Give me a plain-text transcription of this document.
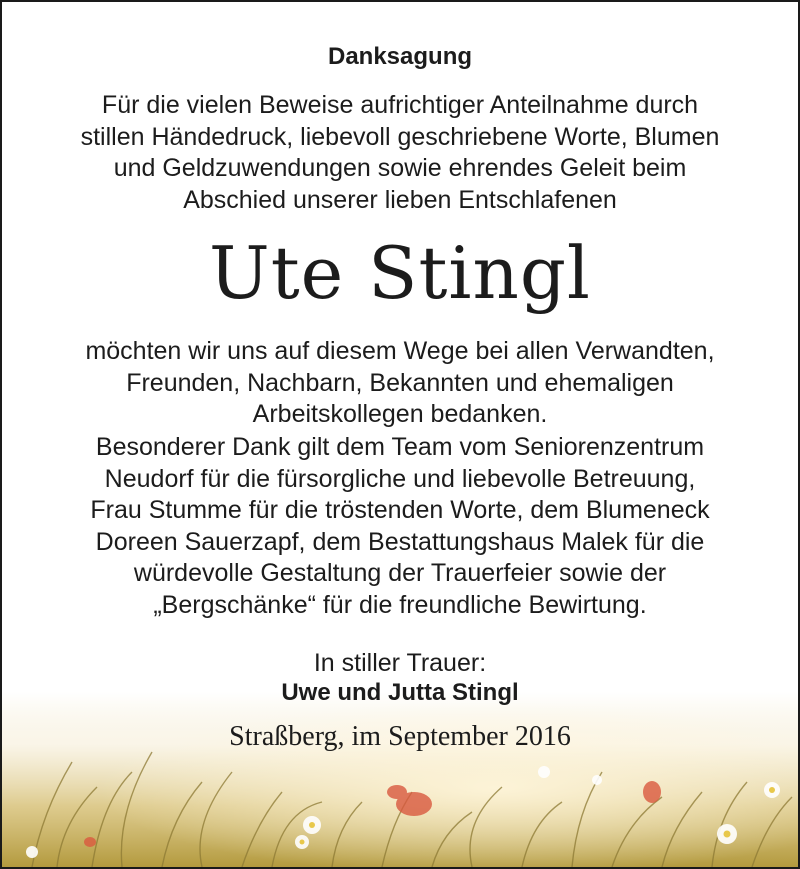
Danksagung
Für die vielen Beweise aufrichtiger Anteilnahme durch
stillen Händedruck, liebevoll geschriebene Worte, Blumen
und Geldzuwendungen sowie ehrendes Geleit beim
Abschied unserer lieben Entschlafenen
Ute Stingl
möchten wir uns auf diesem Wege bei allen Verwandten,
Freunden, Nachbarn, Bekannten und ehemaligen
Arbeitskollegen bedanken.
Besonderer Dank gilt dem Team vom Seniorenzentrum
Neudorf für die fürsorgliche und liebevolle Betreuung,
Frau Stumme für die tröstenden Worte, dem Blumeneck
Doreen Sauerzapf, dem Bestattungshaus Malek für die
würdevolle Gestaltung der Trauerfeier sowie der
„Bergschänke“ für die freundliche Bewirtung.
In stiller Trauer:
Uwe und Jutta Stingl
Straßberg, im September 2016
